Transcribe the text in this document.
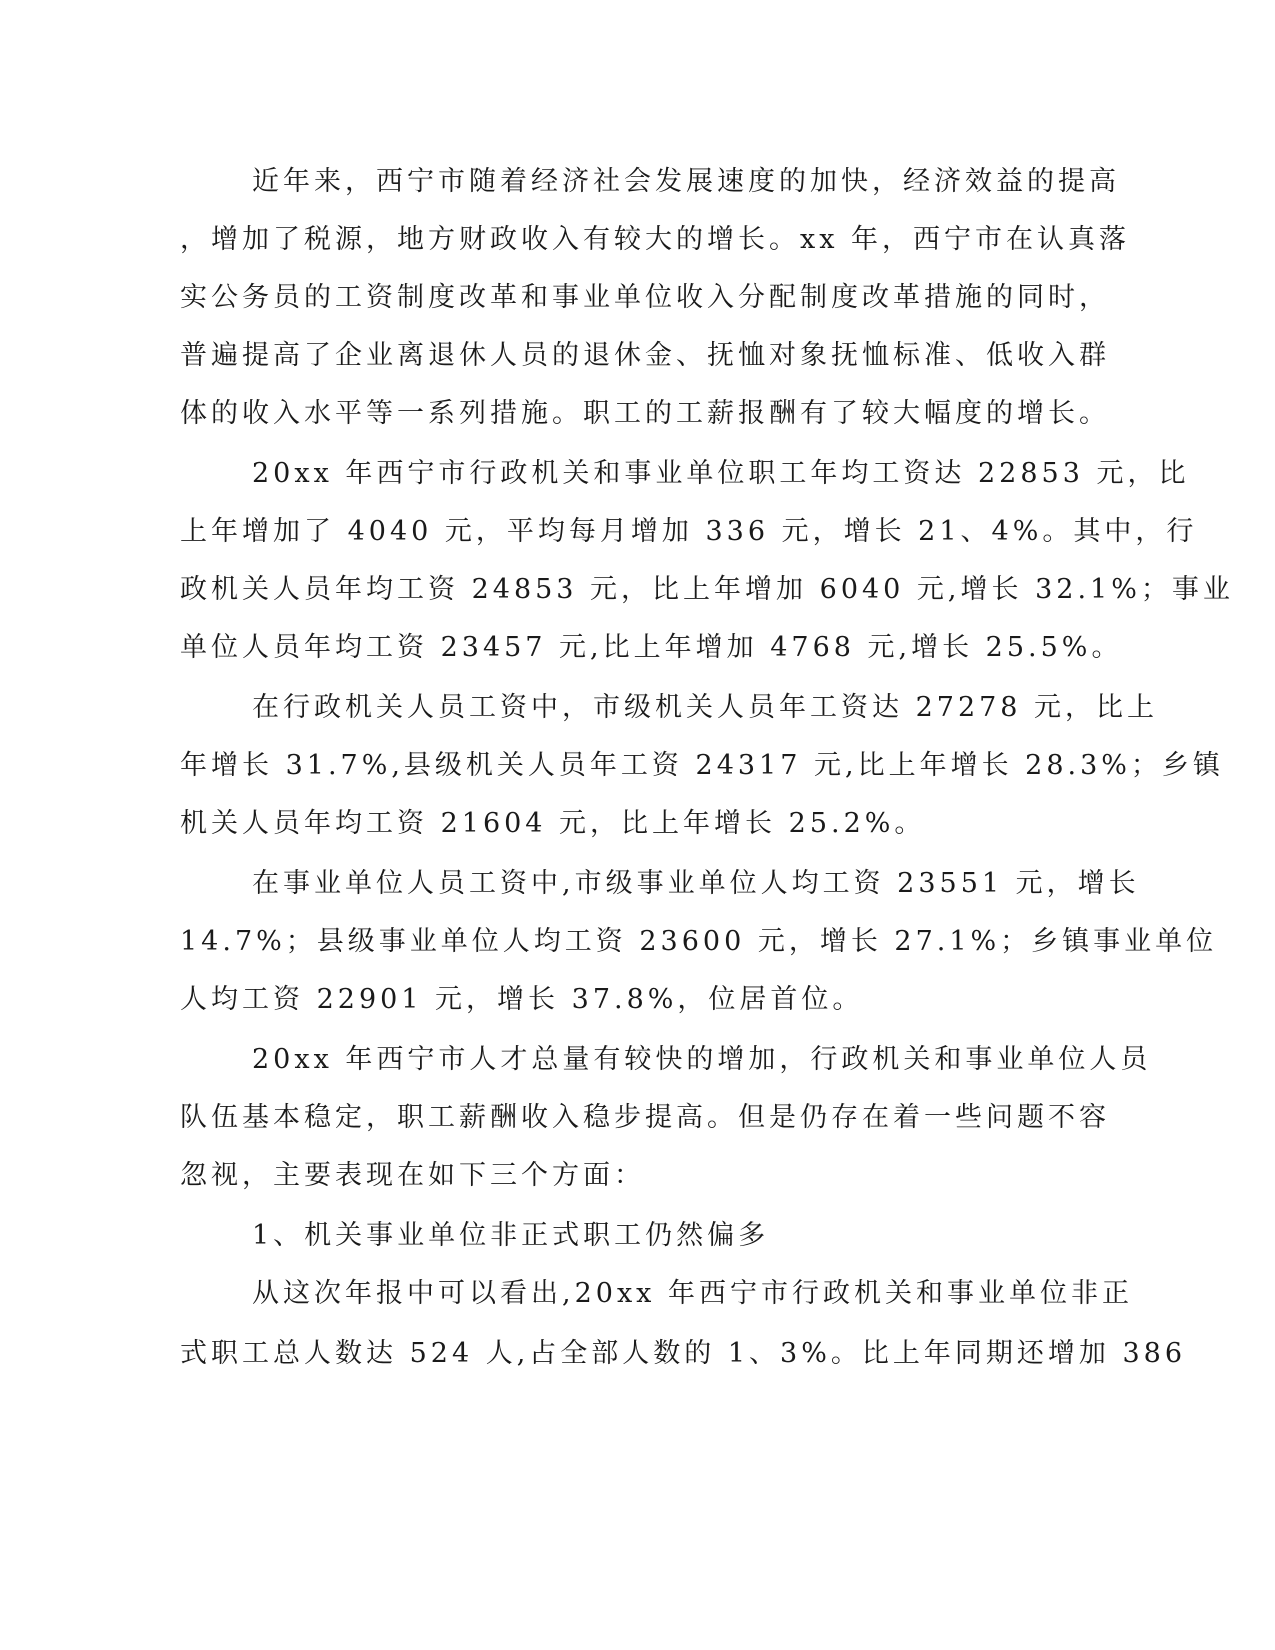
近年来，西宁市随着经济社会发展速度的加快，经济效益的提高
，增加了税源，地方财政收入有较大的增长。xx 年，西宁市在认真落
实公务员的工资制度改革和事业单位收入分配制度改革措施的同时，
普遍提高了企业离退休人员的退休金、抚恤对象抚恤标准、低收入群
体的收入水平等一系列措施。职工的工薪报酬有了较大幅度的增长。
20xx 年西宁市行政机关和事业单位职工年均工资达 22853 元，比
上年增加了 4040 元，平均每月增加 336 元，增长 21、4%。其中，行
政机关人员年均工资 24853 元，比上年增加 6040 元,增长 32.1%；事业
单位人员年均工资 23457 元,比上年增加 4768 元,增长 25.5%。
在行政机关人员工资中，市级机关人员年工资达 27278 元，比上
年增长 31.7%,县级机关人员年工资 24317 元,比上年增长 28.3%；乡镇
机关人员年均工资 21604 元，比上年增长 25.2%。
在事业单位人员工资中,市级事业单位人均工资 23551 元，增长
14.7%；县级事业单位人均工资 23600 元，增长 27.1%；乡镇事业单位
人均工资 22901 元，增长 37.8%，位居首位。
20xx 年西宁市人才总量有较快的增加，行政机关和事业单位人员
队伍基本稳定，职工薪酬收入稳步提高。但是仍存在着一些问题不容
忽视，主要表现在如下三个方面：
1、机关事业单位非正式职工仍然偏多
从这次年报中可以看出,20xx 年西宁市行政机关和事业单位非正
式职工总人数达 524 人,占全部人数的 1、3%。比上年同期还增加 386
